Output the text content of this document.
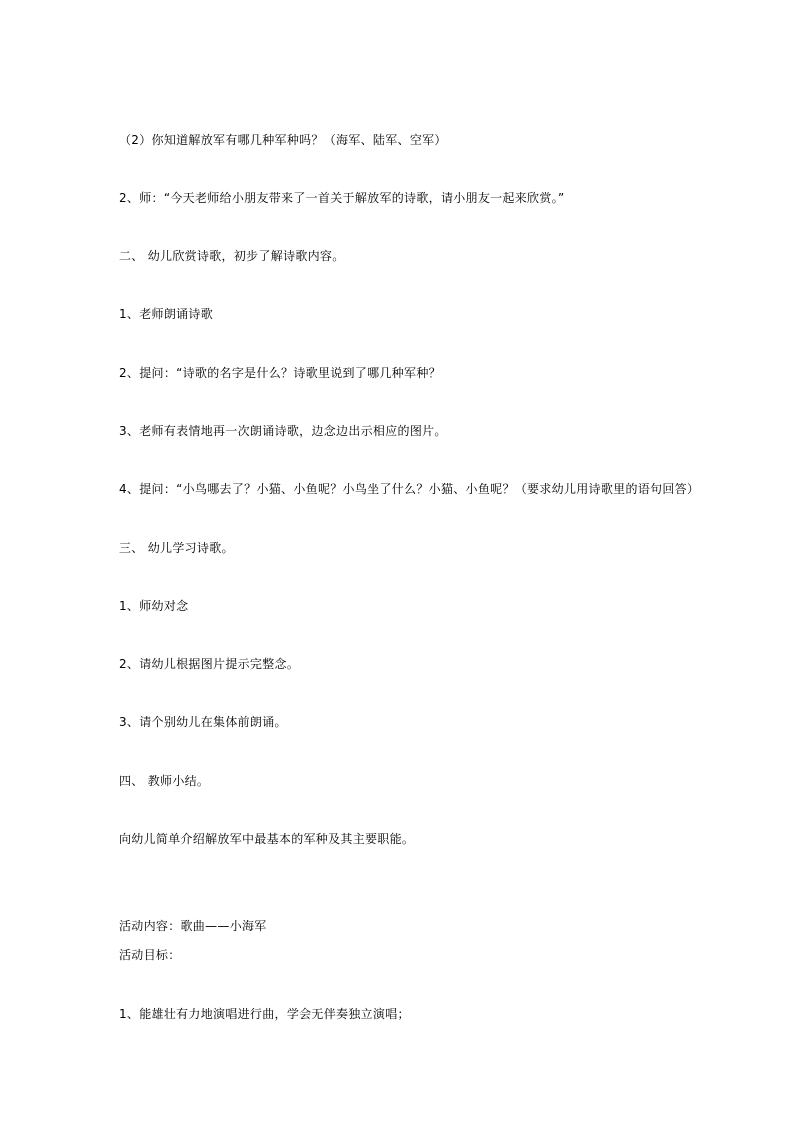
（2）你知道解放军有哪几种军种吗？（海军、陆军、空军）
2、师：“今天老师给小朋友带来了一首关于解放军的诗歌，请小朋友一起来欣赏。”
二、 幼儿欣赏诗歌，初步了解诗歌内容。
1、老师朗诵诗歌
2、提问：“诗歌的名字是什么？诗歌里说到了哪几种军种？
3、老师有表情地再一次朗诵诗歌，边念边出示相应的图片。
4、提问：“小鸟哪去了？小猫、小鱼呢？小鸟坐了什么？小猫、小鱼呢？（要求幼儿用诗歌里的语句回答）
三、 幼儿学习诗歌。
1、师幼对念
2、请幼儿根据图片提示完整念。
3、请个别幼儿在集体前朗诵。
四、 教师小结。
向幼儿简单介绍解放军中最基本的军种及其主要职能。
活动内容：歌曲——小海军
活动目标：
1、能雄壮有力地演唱进行曲，学会无伴奏独立演唱；
